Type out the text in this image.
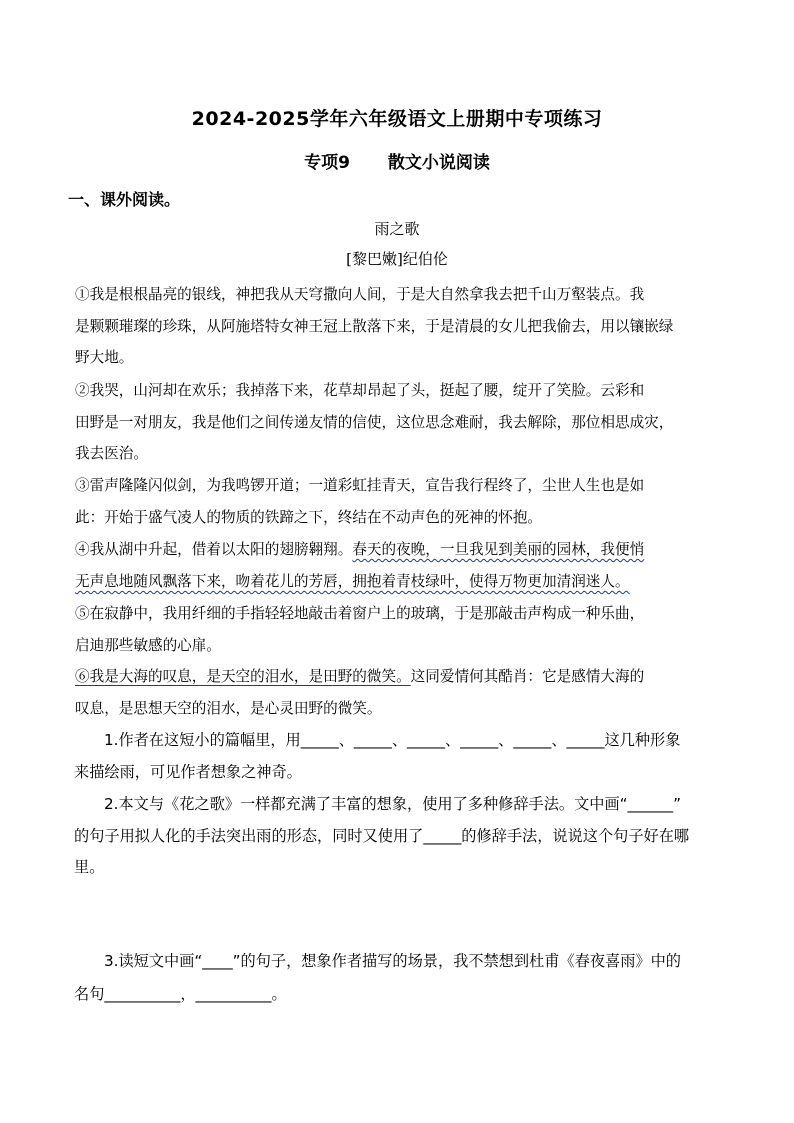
2024-2025学年六年级语文上册期中专项练习
专项9 散文小说阅读
一、课外阅读。
雨之歌
[黎巴嫩]纪伯伦
①我是根根晶亮的银线，神把我从天穹撒向人间，于是大自然拿我去把千山万壑装点。我
是颗颗璀璨的珍珠，从阿施塔特女神王冠上散落下来，于是清晨的女儿把我偷去，用以镶嵌绿
野大地。
②我哭，山河却在欢乐；我掉落下来，花草却昂起了头，挺起了腰，绽开了笑脸。云彩和
田野是一对朋友，我是他们之间传递友情的信使，这位思念难耐，我去解除，那位相思成灾，
我去医治。
③雷声隆隆闪似剑，为我鸣锣开道；一道彩虹挂青天，宣告我行程终了，尘世人生也是如
此：开始于盛气凌人的物质的铁蹄之下，终结在不动声色的死神的怀抱。
④我从湖中升起，借着以太阳的翅膀翱翔。春天的夜晚，一旦我见到美丽的园林，我便悄
无声息地随风飘落下来，吻着花儿的芳唇，拥抱着青枝绿叶，使得万物更加清润迷人。
⑤在寂静中，我用纤细的手指轻轻地敲击着窗户上的玻璃，于是那敲击声构成一种乐曲，
启迪那些敏感的心扉。
⑥我是大海的叹息，是天空的泪水，是田野的微笑。这同爱情何其酷肖：它是感情大海的
叹息，是思想天空的泪水，是心灵田野的微笑。
1.作者在这短小的篇幅里，用_____、_____、_____、_____、_____、_____这几种形象
来描绘雨，可见作者想象之神奇。
2.本文与《花之歌》一样都充满了丰富的想象，使用了多种修辞手法。文中画“______”
的句子用拟人化的手法突出雨的形态，同时又使用了_____的修辞手法，说说这个句子好在哪
里。
3.读短文中画“____”的句子，想象作者描写的场景，我不禁想到杜甫《春夜喜雨》中的
名句__________，__________。
